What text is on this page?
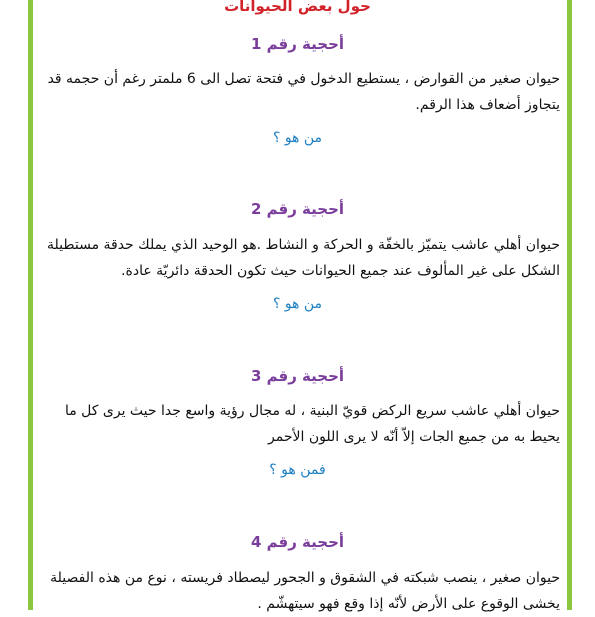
حول بعض الحيوانات
أحجية رقم 1
حيوان صغير من القوارض ، يستطيع الدخول في فتحة تصل الى 6 ملمتر رغم أن حجمه قد يتجاوز أضعاف هذا الرقم.
من هو ؟
أحجية رقم 2
حيوان أهلي عاشب يتميّز بالخفّة و الحركة و النشاط .هو الوحيد الذي يملك حدقة مستطيلة الشكل على غير المألوف عند جميع الحيوانات حيث تكون الحدقة دائريّة عادة.
من هو ؟
أحجية رقم 3
حيوان أهلي عاشب سريع الركض قويّ البنية ، له مجال رؤية واسع جدا حيث يرى كل ما يحيط به من جميع الجات إلاّ أنّه لا يرى اللون الأحمر
فمن هو ؟
أحجية رقم 4
حيوان صغير ، ينصب شبكته في الشقوق و الجحور ليصطاد فريسته ، نوع من هذه الفصيلة يخشى الوقوع على الأرض لأنّه إذا وقع فهو سيتهشّم .
